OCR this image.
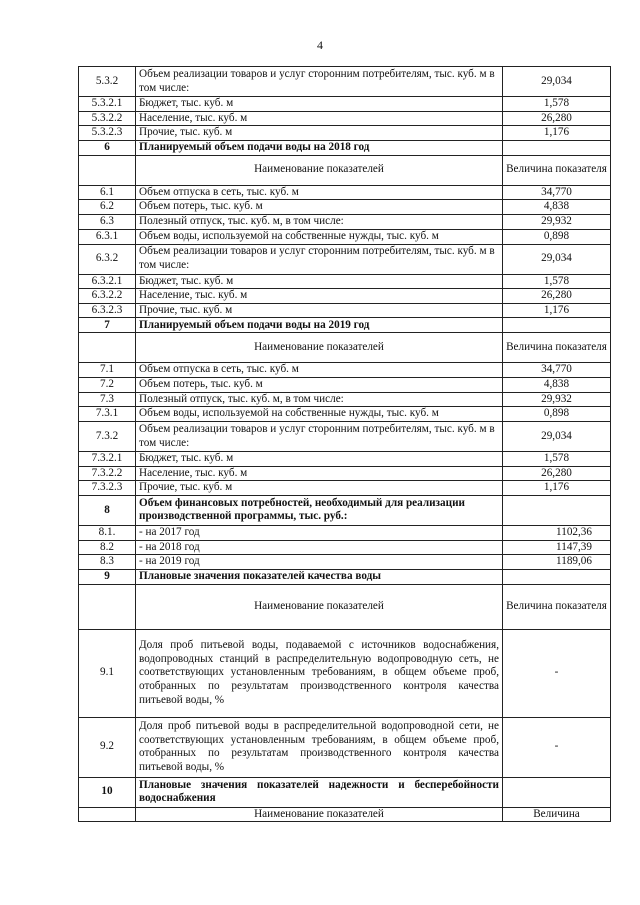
4
5.3.2	Объем реализации товаров и услуг сторонним потребителям, тыс. куб. м в том числе:	29,034
5.3.2.1	Бюджет, тыс. куб. м	1,578
5.3.2.2	Население, тыс. куб. м	26,280
5.3.2.3	Прочие, тыс. куб. м	1,176
6	Планируемый объем подачи воды на 2018 год	
	Наименование показателей	Величина показателя
6.1	Объем отпуска в сеть, тыс. куб. м	34,770
6.2	Объем потерь, тыс. куб. м	4,838
6.3	Полезный отпуск, тыс. куб. м, в том числе:	29,932
6.3.1	Объем воды, используемой на собственные нужды, тыс. куб. м	0,898
6.3.2	Объем реализации товаров и услуг сторонним потребителям, тыс. куб. м в том числе:	29,034
6.3.2.1	Бюджет, тыс. куб. м	1,578
6.3.2.2	Население, тыс. куб. м	26,280
6.3.2.3	Прочие, тыс. куб. м	1,176
7	Планируемый объем подачи воды на 2019 год	
	Наименование показателей	Величина показателя
7.1	Объем отпуска в сеть, тыс. куб. м	34,770
7.2	Объем потерь, тыс. куб. м	4,838
7.3	Полезный отпуск, тыс. куб. м, в том числе:	29,932
7.3.1	Объем воды, используемой на собственные нужды, тыс. куб. м	0,898
7.3.2	Объем реализации товаров и услуг сторонним потребителям, тыс. куб. м в том числе:	29,034
7.3.2.1	Бюджет, тыс. куб. м	1,578
7.3.2.2	Население, тыс. куб. м	26,280
7.3.2.3	Прочие, тыс. куб. м	1,176
8	Объем финансовых потребностей, необходимый для реализации производственной программы, тыс. руб.:	
8.1.	- на 2017 год	1102,36
8.2	- на 2018 год	1147,39
8.3	- на 2019 год	1189,06
9	Плановые значения показателей качества воды	
	Наименование показателей	Величина показателя
9.1	Доля проб питьевой воды, подаваемой с источников водоснабжения, водопроводных станций в распределительную водопроводную сеть, не соответствующих установленным требованиям, в общем объеме проб, отобранных по результатам производственного контроля качества питьевой воды, %	-
9.2	Доля проб питьевой воды в распределительной водопроводной сети, не соответствующих установленным требованиям, в общем объеме проб, отобранных по результатам производственного контроля качества питьевой воды, %	-
10	Плановые значения показателей надежности и бесперебойности водоснабжения	
	Наименование показателей	Величина
